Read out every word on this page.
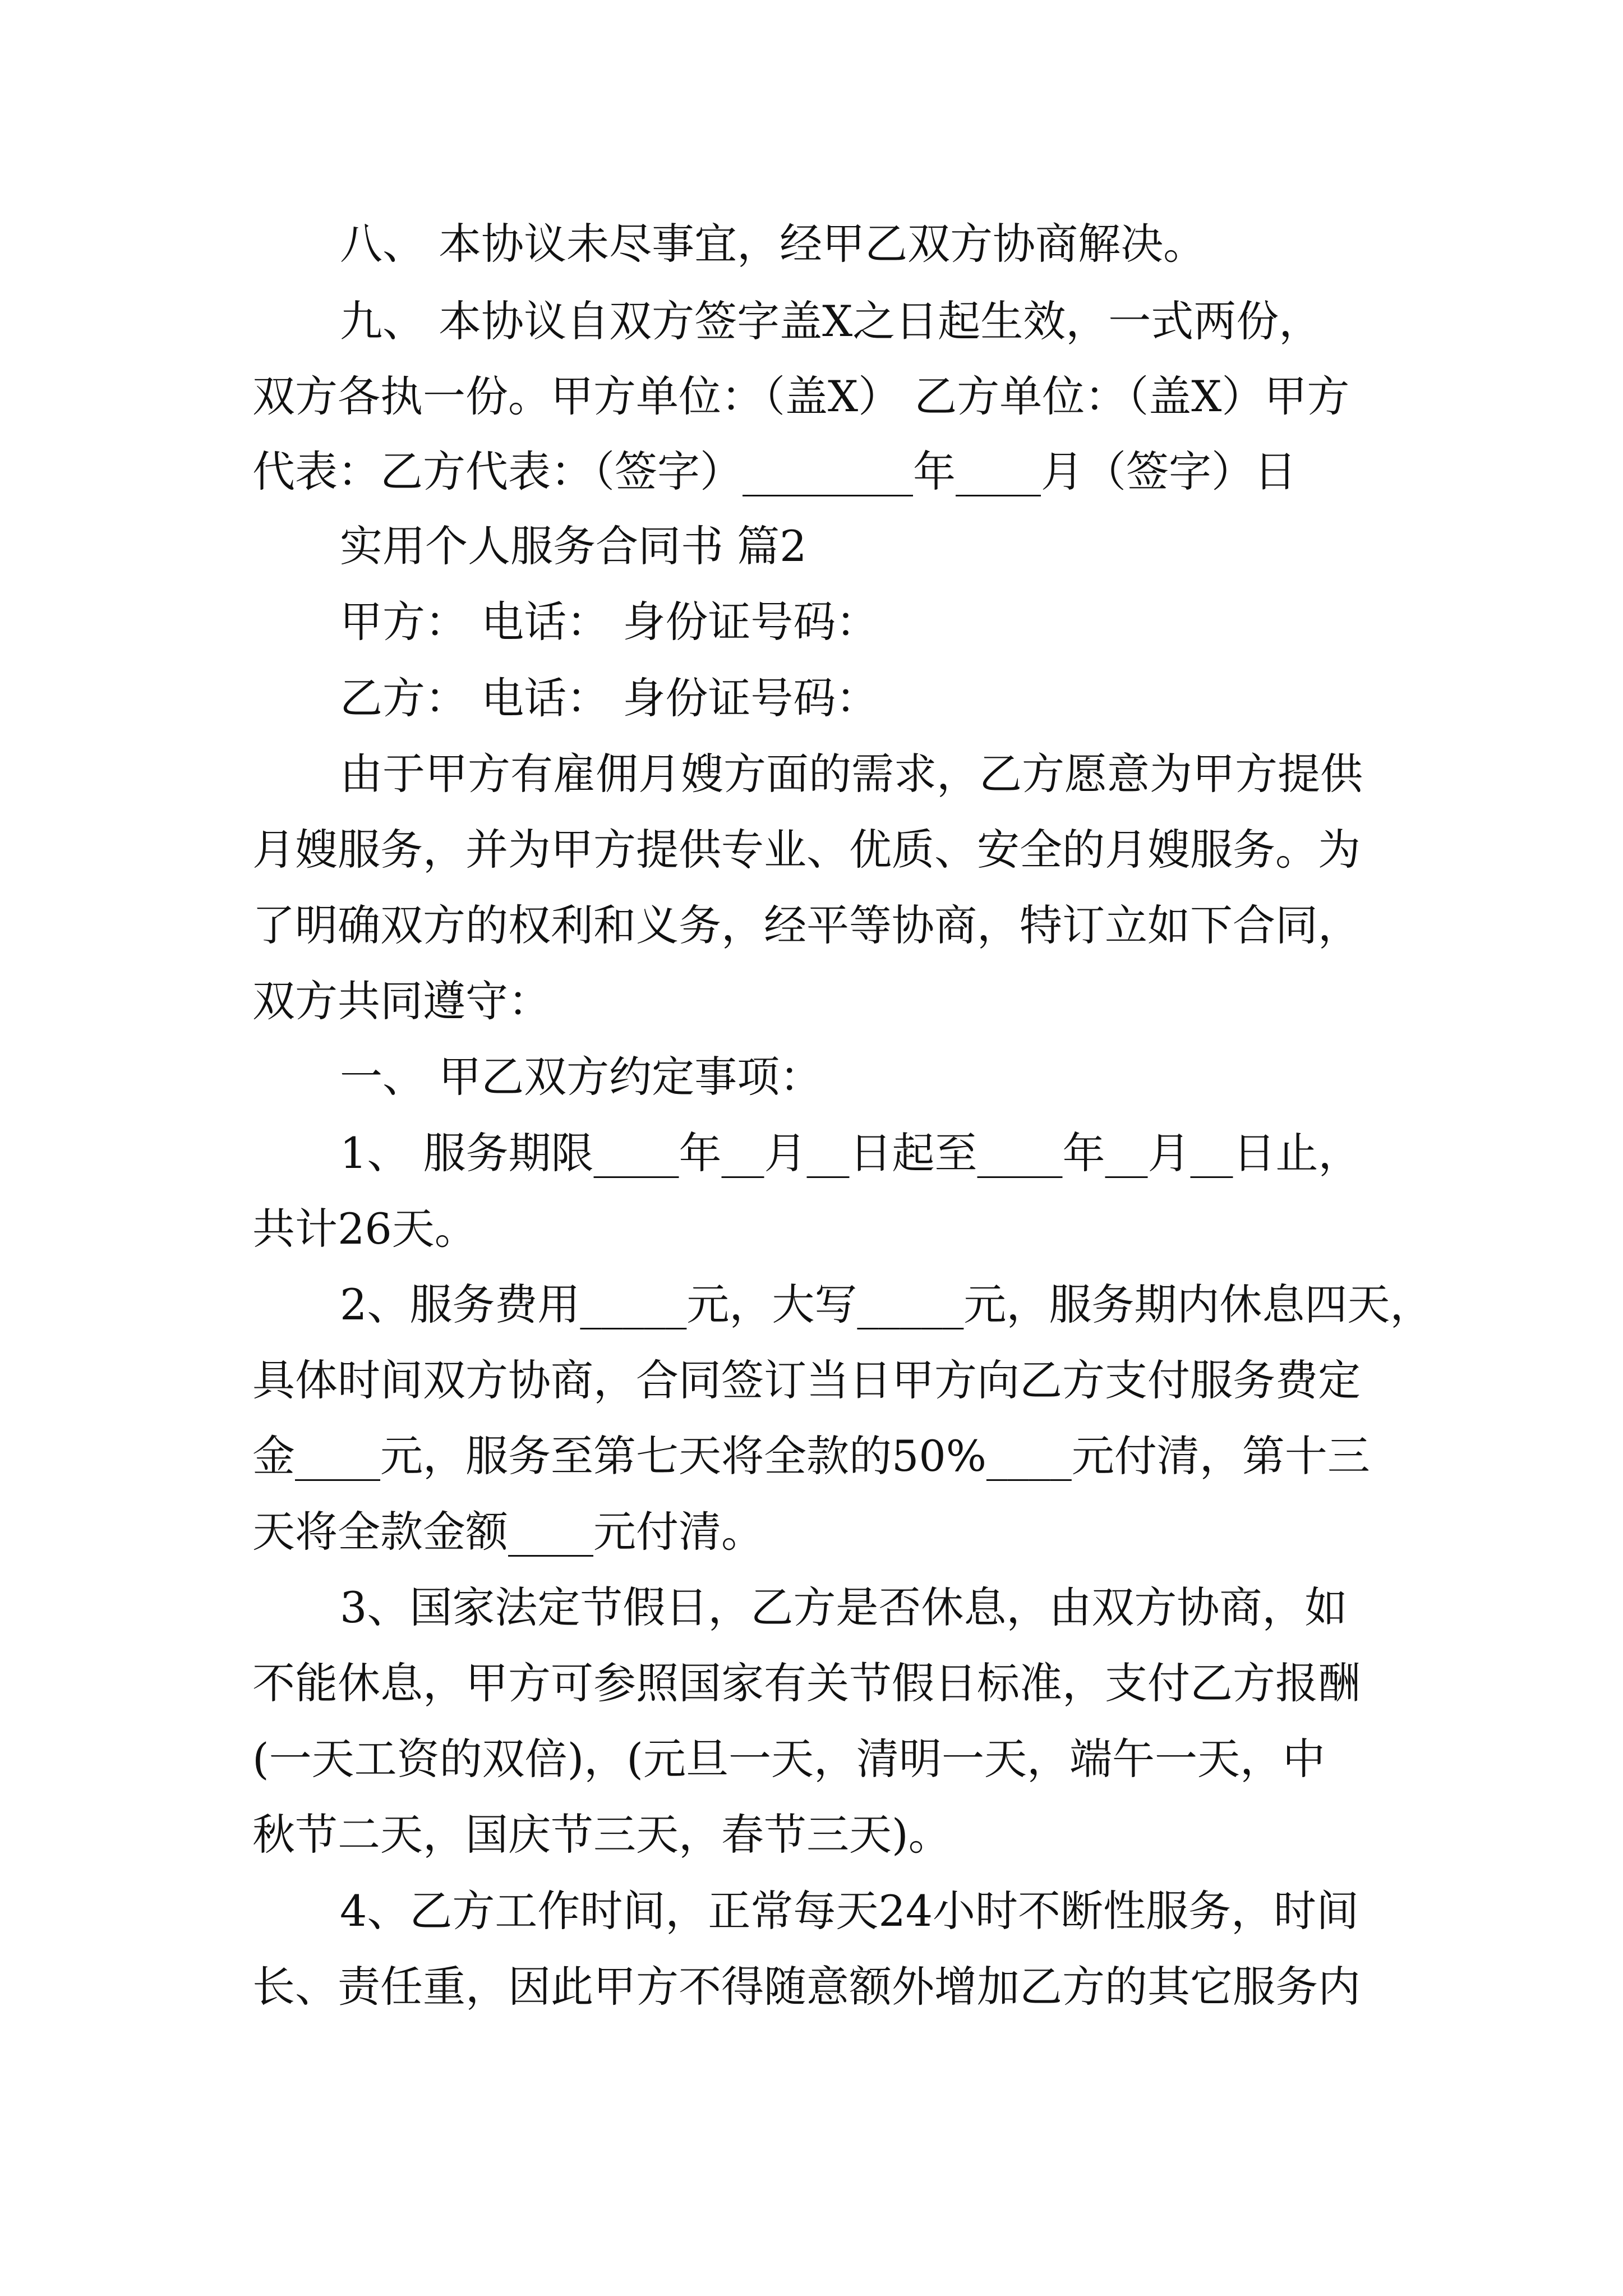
八、 本协议未尽事宜，经甲乙双方协商解决。
九、 本协议自双方签字盖X之日起生效，一式两份，
双方各执一份。甲方单位：（盖X） 乙方单位：（盖X）甲方
代表：乙方代表：（签字）________年____月（签字）日
实用个人服务合同书 篇2
甲方： 电话： 身份证号码：
乙方： 电话： 身份证号码：
由于甲方有雇佣月嫂方面的需求，乙方愿意为甲方提供
月嫂服务，并为甲方提供专业、优质、安全的月嫂服务。为
了明确双方的权利和义务，经平等协商，特订立如下合同，
双方共同遵守：
一、 甲乙双方约定事项：
1、 服务期限____年__月__日起至____年__月__日止，
共计26天。
2、服务费用_____元，大写_____元，服务期内休息四天，
具体时间双方协商，合同签订当日甲方向乙方支付服务费定
金____元，服务至第七天将全款的50%____元付清，第十三
天将全款金额____元付清。
3、国家法定节假日，乙方是否休息，由双方协商，如
不能休息，甲方可参照国家有关节假日标准，支付乙方报酬
(一天工资的双倍)，(元旦一天，清明一天，端午一天，中
秋节二天，国庆节三天，春节三天)。
4、乙方工作时间，正常每天24小时不断性服务，时间
长、责任重，因此甲方不得随意额外增加乙方的其它服务内
